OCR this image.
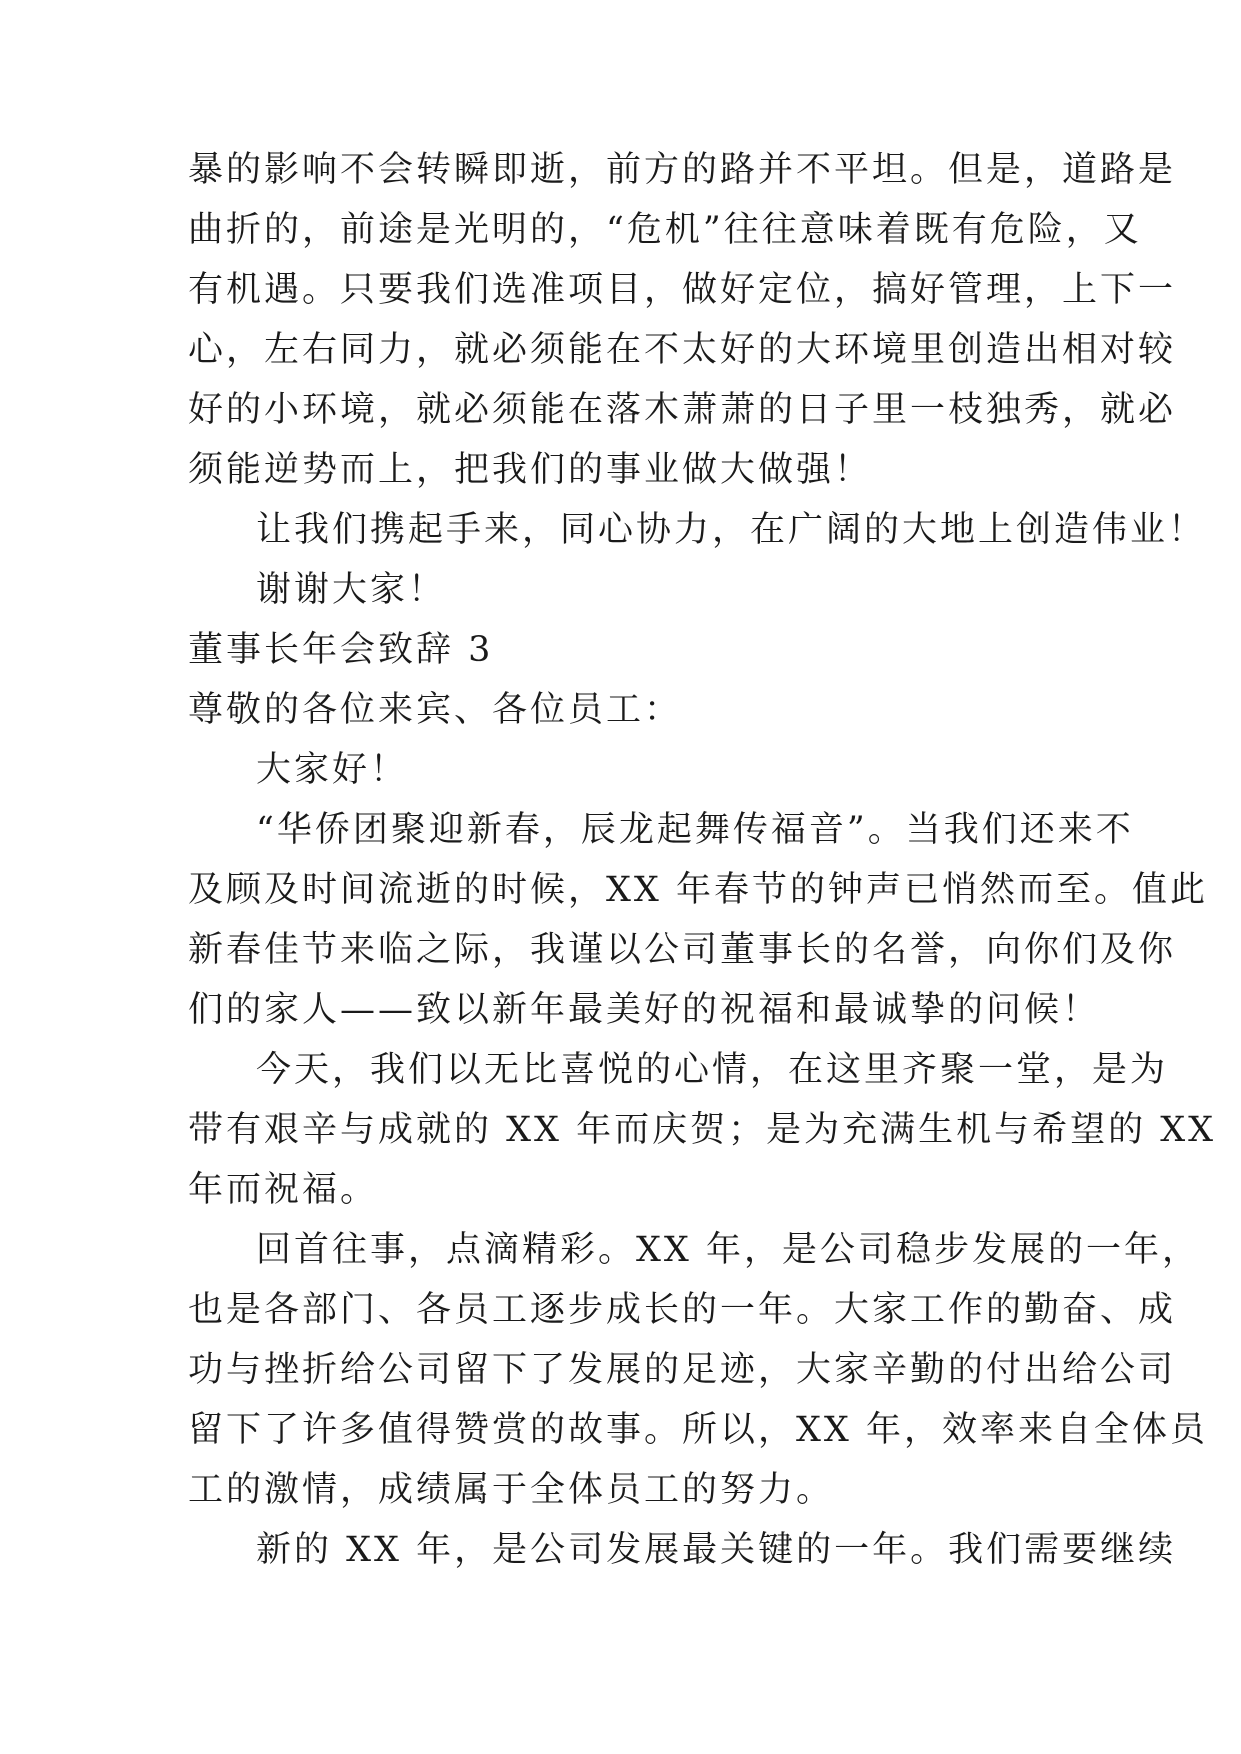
暴的影响不会转瞬即逝，前方的路并不平坦。但是，道路是
曲折的，前途是光明的，“危机”往往意味着既有危险，又
有机遇。只要我们选准项目，做好定位，搞好管理，上下一
心，左右同力，就必须能在不太好的大环境里创造出相对较
好的小环境，就必须能在落木萧萧的日子里一枝独秀，就必
须能逆势而上，把我们的事业做大做强！
让我们携起手来，同心协力，在广阔的大地上创造伟业！
谢谢大家！
董事长年会致辞 3
尊敬的各位来宾、各位员工：
大家好！
“华侨团聚迎新春，辰龙起舞传福音”。当我们还来不
及顾及时间流逝的时候，XX 年春节的钟声已悄然而至。值此
新春佳节来临之际，我谨以公司董事长的名誉，向你们及你
们的家人——致以新年最美好的祝福和最诚挚的问候！
今天，我们以无比喜悦的心情，在这里齐聚一堂，是为
带有艰辛与成就的 XX 年而庆贺；是为充满生机与希望的 XX
年而祝福。
回首往事，点滴精彩。XX 年，是公司稳步发展的一年，
也是各部门、各员工逐步成长的一年。大家工作的勤奋、成
功与挫折给公司留下了发展的足迹，大家辛勤的付出给公司
留下了许多值得赞赏的故事。所以，XX 年，效率来自全体员
工的激情，成绩属于全体员工的努力。
新的 XX 年，是公司发展最关键的一年。我们需要继续
